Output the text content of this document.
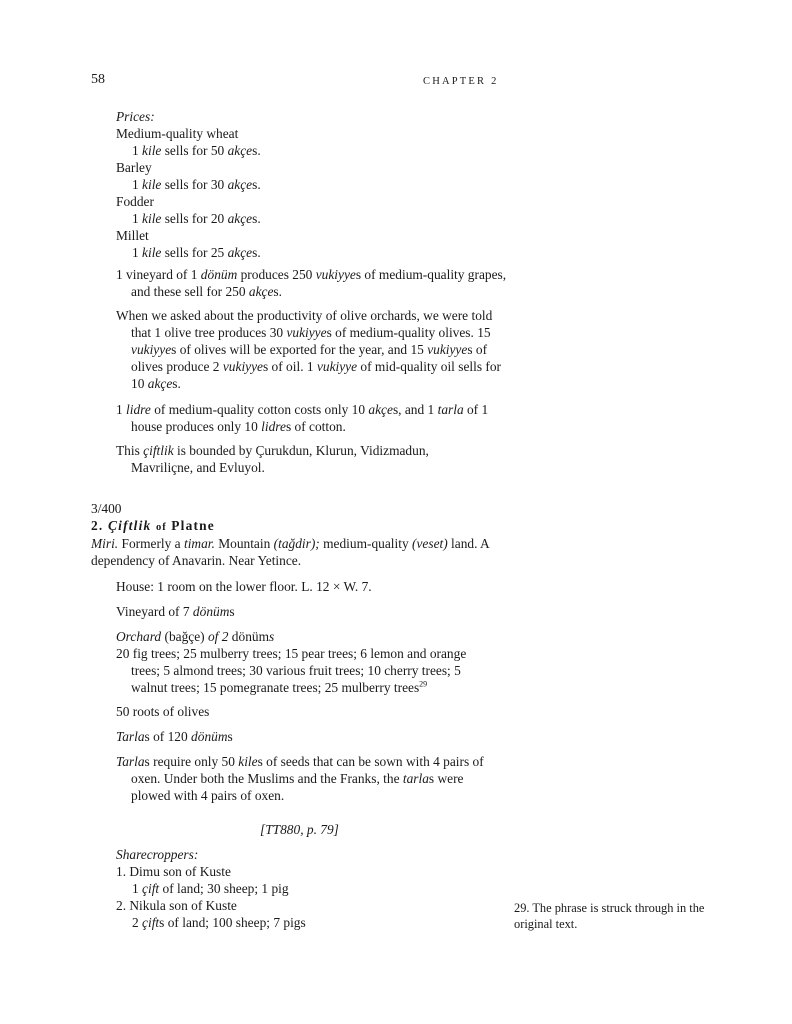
58	CHAPTER 2
Prices:
Medium-quality wheat
1 kile sells for 50 akçes.
Barley
1 kile sells for 30 akçes.
Fodder
1 kile sells for 20 akçes.
Millet
1 kile sells for 25 akçes.
1 vineyard of 1 dönüm produces 250 vukiyyes of medium-quality grapes, and these sell for 250 akçes.
When we asked about the productivity of olive orchards, we were told that 1 olive tree produces 30 vukiyyes of medium-quality olives. 15 vukiyyes of olives will be exported for the year, and 15 vukiyyes of olives produce 2 vukiyyes of oil. 1 vukiyye of mid-quality oil sells for 10 akçes.
1 lidre of medium-quality cotton costs only 10 akçes, and 1 tarla of 1 house produces only 10 lidres of cotton.
This çiftlik is bounded by Çurukdun, Klurun, Vidizmadun, Mavriliçne, and Evluyol.
3/400
2. Çiftlik of Platne
Miri. Formerly a timar. Mountain (tağdir); medium-quality (veset) land. A dependency of Anavarin. Near Yetince.
House: 1 room on the lower floor. L. 12 × W. 7.
Vineyard of 7 dönüms
Orchard (bağçe) of 2 dönüms
20 fig trees; 25 mulberry trees; 15 pear trees; 6 lemon and orange trees; 5 almond trees; 30 various fruit trees; 10 cherry trees; 5 walnut trees; 15 pomegranate trees; 25 mulberry trees$^{29}$
50 roots of olives
Tarlas of 120 dönüms
Tarlas require only 50 kiles of seeds that can be sown with 4 pairs of oxen. Under both the Muslims and the Franks, the tarlas were plowed with 4 pairs of oxen.
[TT880, p. 79]
Sharecroppers:
1. Dimu son of Kuste
1 çift of land; 30 sheep; 1 pig
2. Nikula son of Kuste
2 çifts of land; 100 sheep; 7 pigs
29. The phrase is struck through in the original text.
